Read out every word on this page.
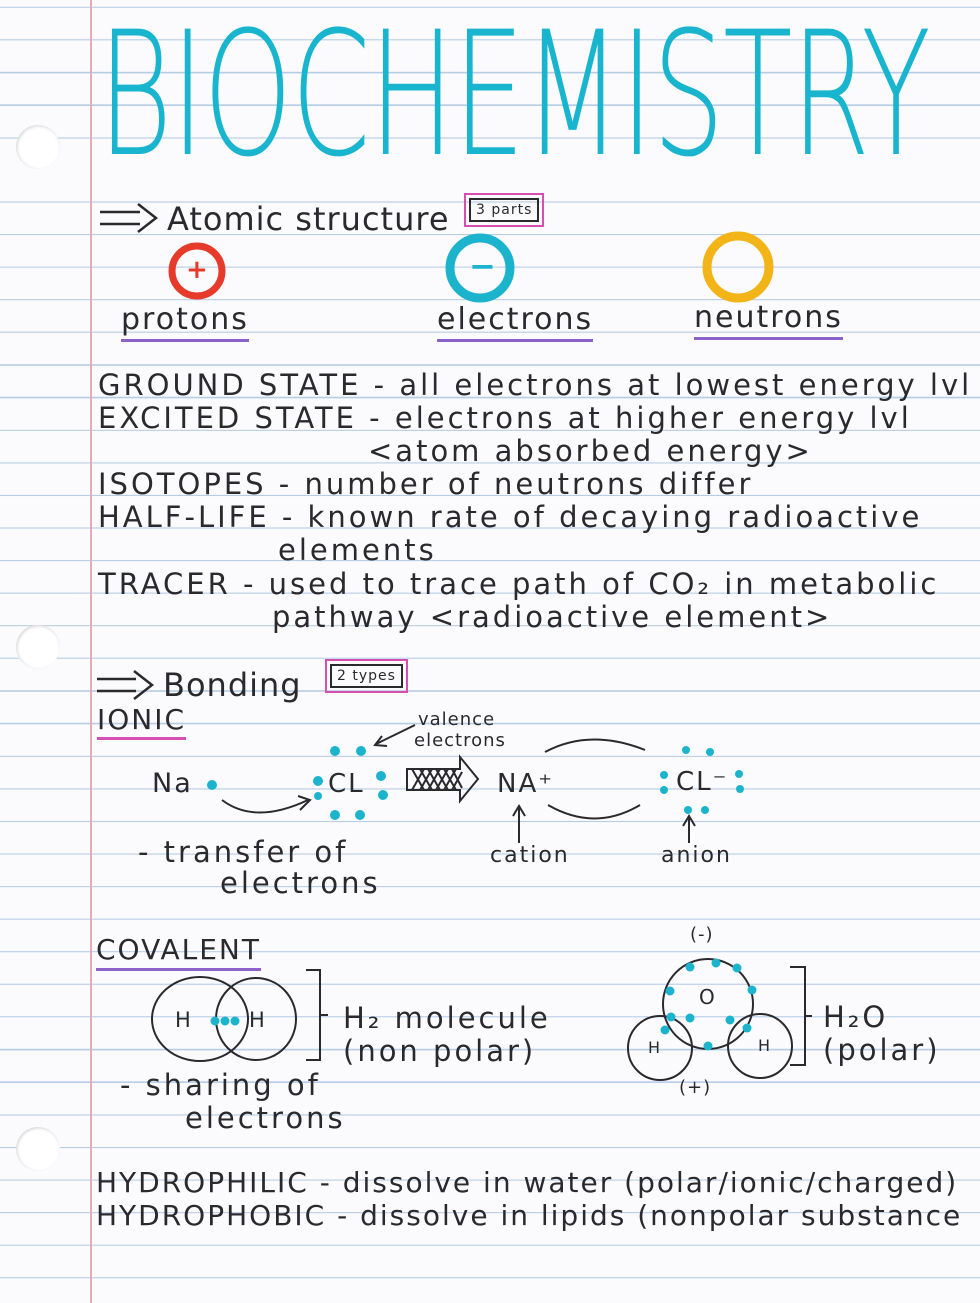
BIOCHEMISTRY
Atomic structure	3 parts
protons
+
electrons
−
neutrons
GROUND STATE - all electrons at lowest energy lvl
EXCITED STATE - electrons at higher energy lvl
<atom absorbed energy>
ISOTOPES - number of neutrons differ
HALF-LIFE - known rate of decaying radioactive
elements
TRACER - used to trace path of CO₂ in metabolic
pathway <radioactive element>
Bonding	2 types
IONIC	valence
electrons
Na	CL	NA⁺	CL⁻
cation	anion
- transfer of
electrons
COVALENT
H	H	H₂ molecule
(non polar)
- sharing of
electrons
(-)
O
H	H
(+)
H₂O
(polar)
HYDROPHILIC - dissolve in water (polar/ionic/charged)
HYDROPHOBIC - dissolve in lipids (nonpolar substance
